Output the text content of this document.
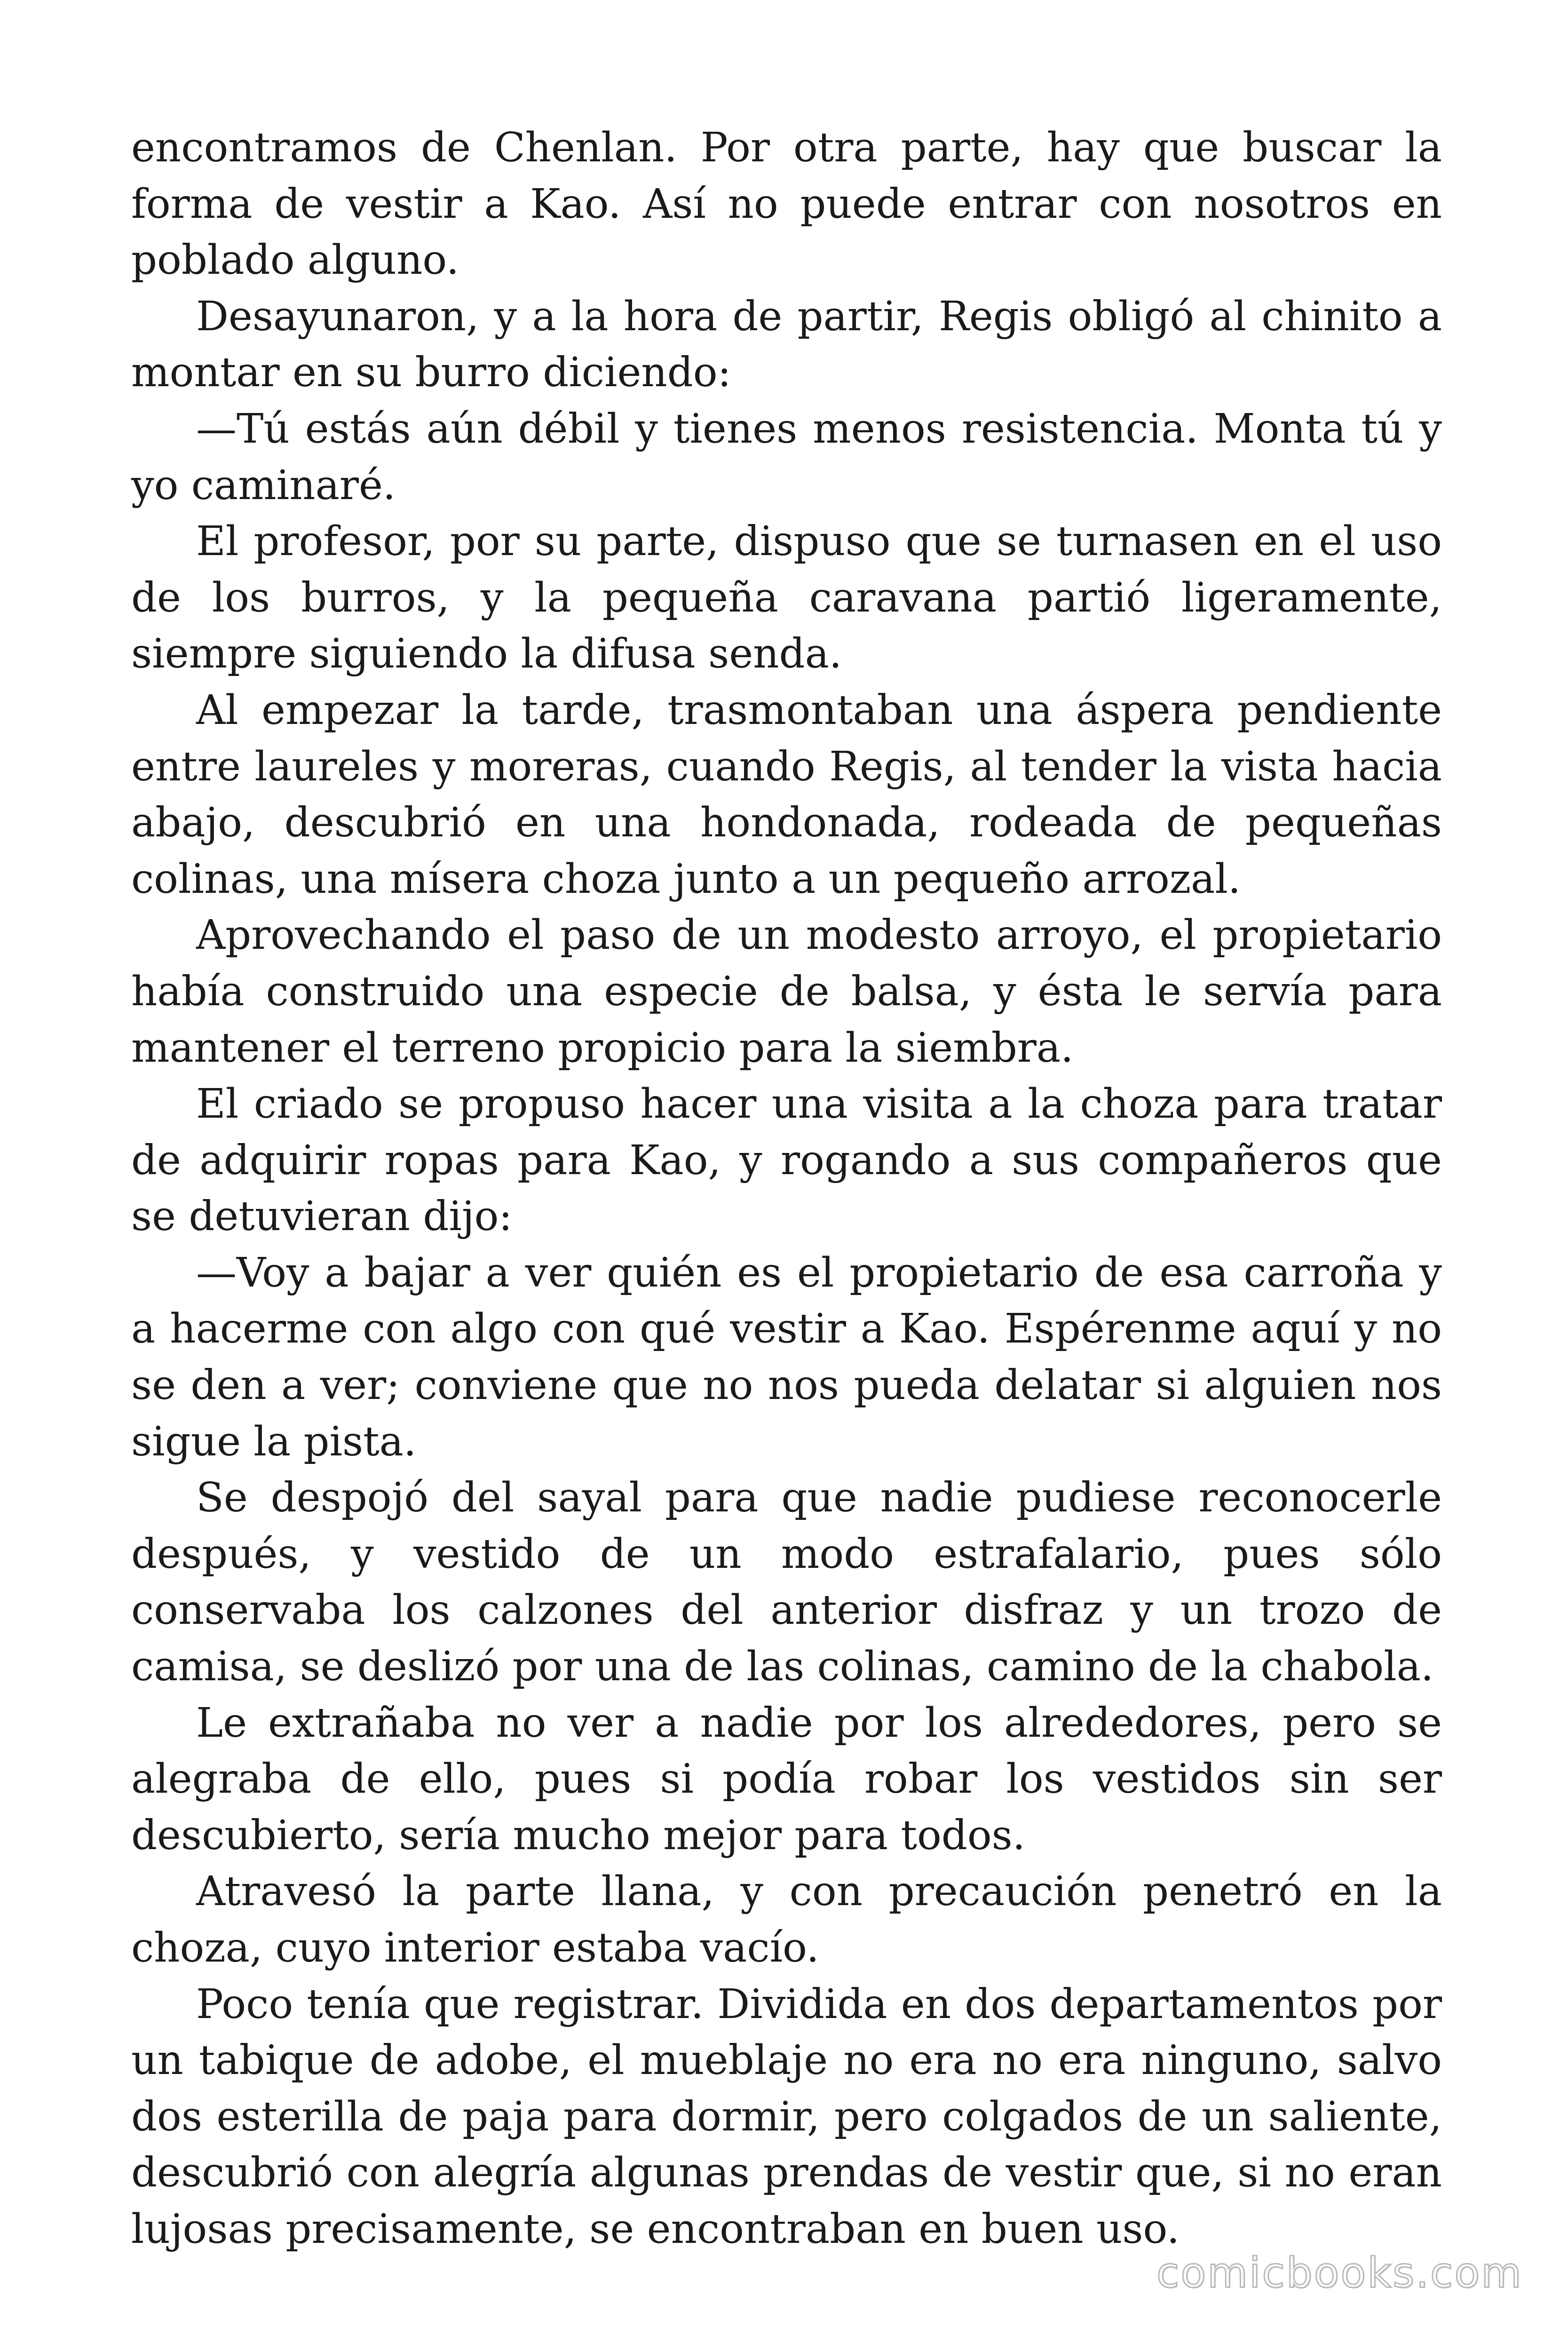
encontramos de Chenlan. Por otra parte, hay que buscar la forma de vestir a Kao. Así no puede entrar con nosotros en poblado alguno.

Desayunaron, y a la hora de partir, Regis obligó al chinito a montar en su burro diciendo:

—Tú estás aún débil y tienes menos resistencia. Monta tú y yo caminaré.

El profesor, por su parte, dispuso que se turnasen en el uso de los burros, y la pequeña caravana partió ligeramente, siempre siguiendo la difusa senda.

Al empezar la tarde, trasmontaban una áspera pendiente entre laureles y moreras, cuando Regis, al tender la vista hacia abajo, descubrió en una hondonada, rodeada de pequeñas colinas, una mísera choza junto a un pequeño arrozal.

Aprovechando el paso de un modesto arroyo, el propietario había construido una especie de balsa, y ésta le servía para mantener el terreno propicio para la siembra.

El criado se propuso hacer una visita a la choza para tratar de adquirir ropas para Kao, y rogando a sus compañeros que se detuvieran dijo:

—Voy a bajar a ver quién es el propietario de esa carroña y a hacerme con algo con qué vestir a Kao. Espérenme aquí y no se den a ver; conviene que no nos pueda delatar si alguien nos sigue la pista.

Se despojó del sayal para que nadie pudiese reconocerle después, y vestido de un modo estrafalario, pues sólo conservaba los calzones del anterior disfraz y un trozo de camisa, se deslizó por una de las colinas, camino de la chabola.

Le extrañaba no ver a nadie por los alrededores, pero se alegraba de ello, pues si podía robar los vestidos sin ser descubierto, sería mucho mejor para todos.

Atravesó la parte llana, y con precaución penetró en la choza, cuyo interior estaba vacío.

Poco tenía que registrar. Dividida en dos departamentos por un tabique de adobe, el mueblaje no era no era ninguno, salvo dos esterilla de paja para dormir, pero colgados de un saliente, descubrió con alegría algunas prendas de vestir que, si no eran lujosas precisamente, se encontraban en buen uso.

comicbooks.com
